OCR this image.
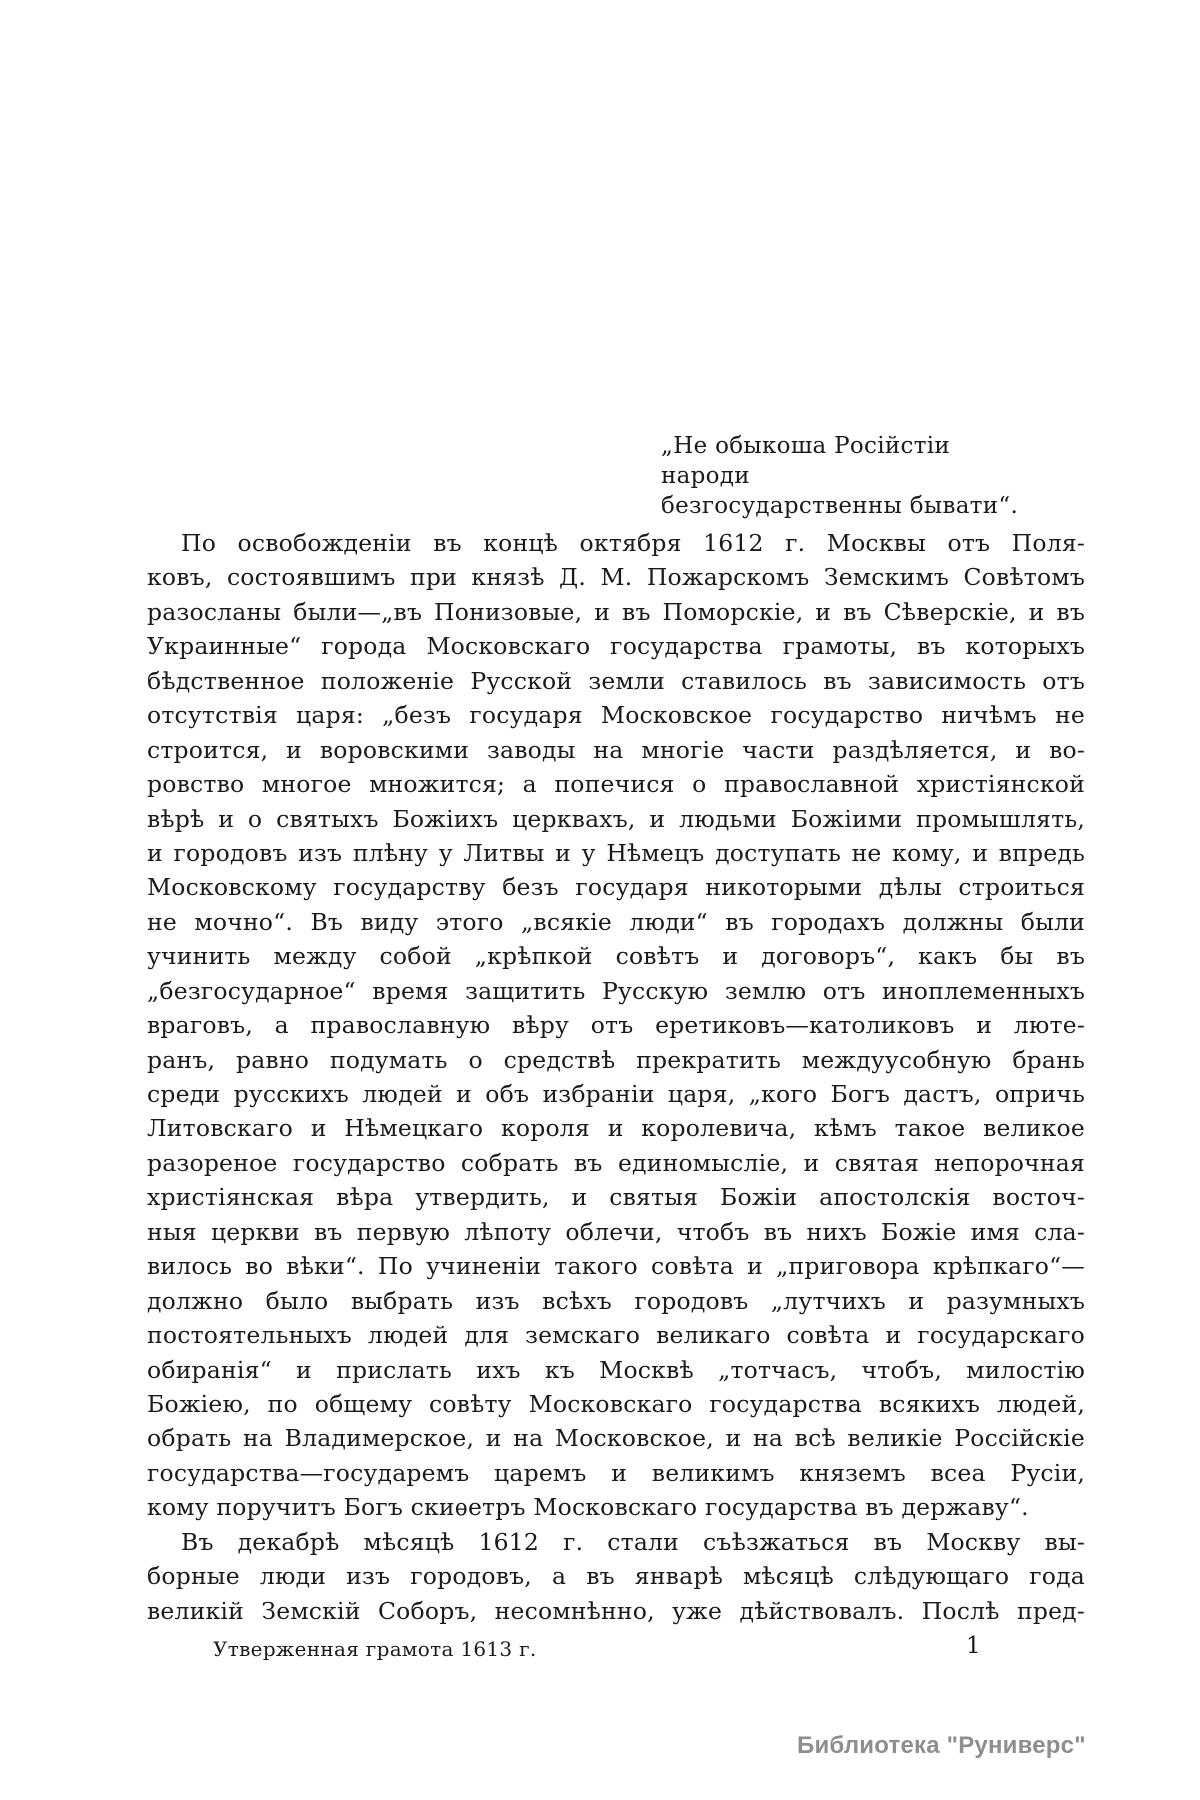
„Не обыкоша Російстіи народи
безгосударственны бывати“.
По освобожденіи въ концѣ октября 1612 г. Москвы отъ Поля-
ковъ, состоявшимъ при князѣ Д. М. Пожарскомъ Земскимъ Совѣтомъ
разосланы были—„въ Понизовые, и въ Поморскіе, и въ Сѣверскіе, и въ
Украинные“ города Московскаго государства грамоты, въ которыхъ
бѣдственное положеніе Русской земли ставилось въ зависимость отъ
отсутствія царя: „безъ государя Московское государство ничѣмъ не
строится, и воровскими заводы на многіе части раздѣляется, и во-
ровство многое множится; а попечися о православной христіянской
вѣрѣ и о святыхъ Божіихъ церквахъ, и людьми Божіими промышлять,
и городовъ изъ плѣну у Литвы и у Нѣмецъ доступать не кому, и впредь
Московскому государству безъ государя никоторыми дѣлы строиться
не мочно“. Въ виду этого „всякіе люди“ въ городахъ должны были
учинить между собой „крѣпкой совѣтъ и договоръ“, какъ бы въ
„безгосударное“ время защитить Русскую землю отъ иноплеменныхъ
враговъ, а православную вѣру отъ еретиковъ—католиковъ и люте-
ранъ, равно подумать о средствѣ прекратить междуусобную брань
среди русскихъ людей и объ избраніи царя, „кого Богъ дастъ, опричь
Литовскаго и Нѣмецкаго короля и королевича, кѣмъ такое великое
разореное государство собрать въ единомысліе, и святая непорочная
христіянская вѣра утвердить, и святыя Божіи апостолскія восточ-
ныя церкви въ первую лѣпоту облечи, чтобъ въ нихъ Божіе имя сла-
вилось во вѣки“. По учиненіи такого совѣта и „приговора крѣпкаго“—
должно было выбрать изъ всѣхъ городовъ „лутчихъ и разумныхъ
постоятельныхъ людей для земскаго великаго совѣта и государскаго
обиранія“ и прислать ихъ къ Москвѣ „тотчасъ, чтобъ, милостію
Божіею, по общему совѣту Московскаго государства всякихъ людей,
обрать на Владимерское, и на Московское, и на всѣ великіе Россійскіе
государства—государемъ царемъ и великимъ княземъ всеа Русіи,
кому поручитъ Богъ скиѳетръ Московскаго государства въ державу“.
Въ декабрѣ мѣсяцѣ 1612 г. стали съѣзжаться въ Москву вы-
борные люди изъ городовъ, а въ январѣ мѣсяцѣ слѣдующаго года
великій Земскій Соборъ, несомнѣнно, уже дѣйствовалъ. Послѣ пред-
Утверженная грамота 1613 г.	1
Библиотека "Руниверс"
